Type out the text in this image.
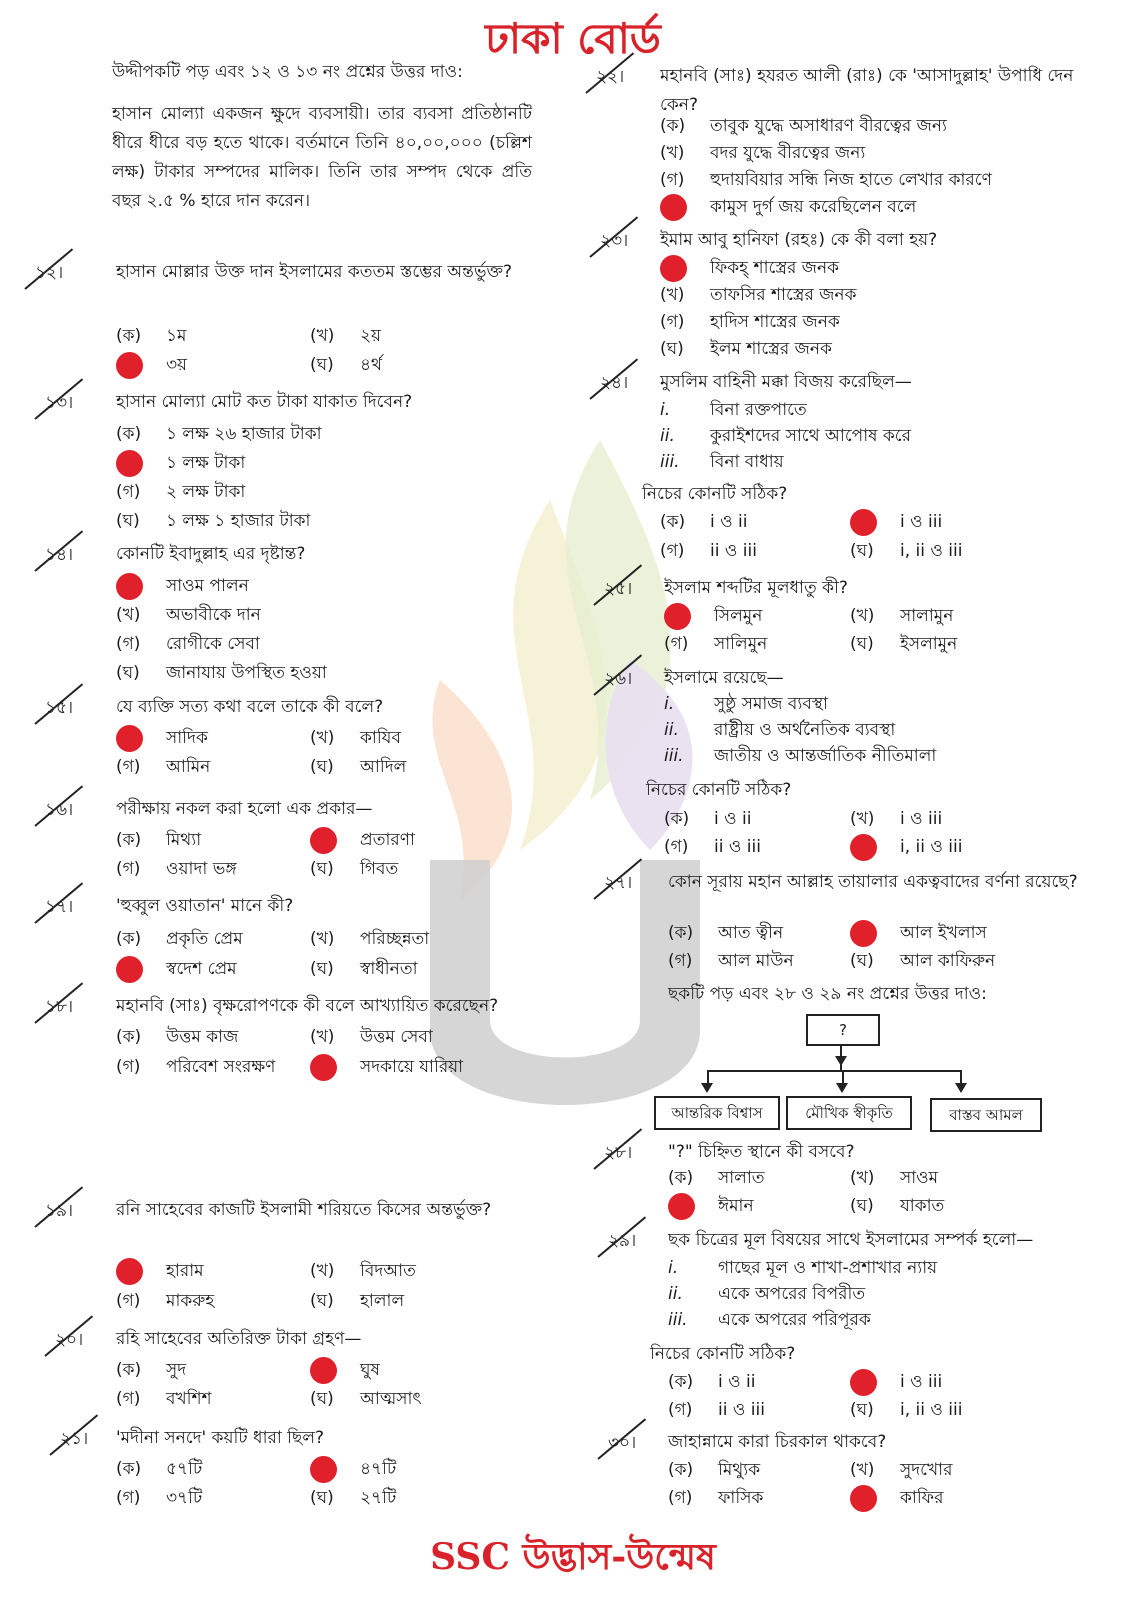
ঢাকা বোর্ড
উদ্দীপকটি পড় এবং ১২ ও ১৩ নং প্রশ্নের উত্তর দাও:
হাসান মোল্যা একজন ক্ষুদে ব্যবসায়ী। তার ব্যবসা প্রতিষ্ঠানটি ধীরে ধীরে বড় হতে থাকে। বর্তমানে তিনি ৪০,০০,০০০ (চল্লিশ লক্ষ) টাকার সম্পদের মালিক। তিনি তার সম্পদ থেকে প্রতি বছর ২.৫ % হারে দান করেন।
১২।	হাসান মোল্লার উক্ত দান ইসলামের কততম স্তম্ভের অন্তর্ভুক্ত?
(ক) ১ম	(খ) ২য়
৩য়	(ঘ) ৪র্থ
১৩।	হাসান মোল্যা মোট কত টাকা যাকাত দিবেন?
(ক) ১ লক্ষ ২৬ হাজার টাকা
১ লক্ষ টাকা
(গ) ২ লক্ষ টাকা
(ঘ) ১ লক্ষ ১ হাজার টাকা
১৪।	কোনটি ইবাদুল্লাহ এর দৃষ্টান্ত?
সাওম পালন
(খ) অভাবীকে দান
(গ) রোগীকে সেবা
(ঘ) জানাযায় উপস্থিত হওয়া
১৫।	যে ব্যক্তি সত্য কথা বলে তাকে কী বলে?
সাদিক	(খ) কাযিব
(গ) আমিন	(ঘ) আদিল
১৬।	পরীক্ষায় নকল করা হলো এক প্রকার—
(ক) মিথ্যা	প্রতারণা
(গ) ওয়াদা ভঙ্গ	(ঘ) গিবত
১৭।	'হুব্বুল ওয়াতান' মানে কী?
(ক) প্রকৃতি প্রেম	(খ) পরিচ্ছন্নতা
স্বদেশ প্রেম	(ঘ) স্বাধীনতা
১৮।	মহানবি (সাঃ) বৃক্ষরোপণকে কী বলে আখ্যায়িত করেছেন?
(ক) উত্তম কাজ	(খ) উত্তম সেবা
(গ) পরিবেশ সংরক্ষণ	সদকায়ে যারিয়া
১৯।	রনি সাহেবের কাজটি ইসলামী শরিয়তে কিসের অন্তর্ভুক্ত?
হারাম	(খ) বিদআত
(গ) মাকরুহ	(ঘ) হালাল
২০। রহি সাহেবের অতিরিক্ত টাকা গ্রহণ—
(ক) সুদ	ঘুষ
(গ) বখশিশ	(ঘ) আত্মসাৎ
২১। 'মদীনা সনদে' কয়টি ধারা ছিল?
(ক) ৫৭টি	৪৭টি
(গ) ৩৭টি	(ঘ) ২৭টি
২২। মহানবি (সাঃ) হযরত আলী (রাঃ) কে 'আসাদুল্লাহ' উপাধি দেন কেন?
(ক) তাবুক যুদ্ধে অসাধারণ বীরত্বের জন্য
(খ) বদর যুদ্ধে বীরত্বের জন্য
(গ) হুদায়বিয়ার সন্ধি নিজ হাতে লেখার কারণে
কামুস দুর্গ জয় করেছিলেন বলে
২৩। ইমাম আবু হানিফা (রহঃ) কে কী বলা হয়?
ফিকহ্ শাস্ত্রের জনক
(খ) তাফসির শাস্ত্রের জনক
(গ) হাদিস শাস্ত্রের জনক
(ঘ) ইলম শাস্ত্রের জনক
২৪। মুসলিম বাহিনী মক্কা বিজয় করেছিল—
i. বিনা রক্তপাতে
ii. কুরাইশদের সাথে আপোষ করে
iii. বিনা বাধায়
নিচের কোনটি সঠিক?
(ক) i ও ii	i ও iii
(গ) ii ও iii	(ঘ) i, ii ও iii
২৫। ইসলাম শব্দটির মূলধাতু কী?
সিলমুন	(খ) সালামুন
(গ) সালিমুন	(ঘ) ইসলামুন
২৬। ইসলামে রয়েছে—
i. সুষ্ঠু সমাজ ব্যবস্থা
ii. রাষ্ট্রীয় ও অর্থনৈতিক ব্যবস্থা
iii. জাতীয় ও আন্তর্জাতিক নীতিমালা
নিচের কোনটি সঠিক?
(ক) i ও ii	(খ) i ও iii
(গ) ii ও iii	i, ii ও iii
২৭। কোন সূরায় মহান আল্লাহ তায়ালার একত্ববাদের বর্ণনা রয়েছে?
(ক) আত ত্বীন	আল ইখলাস
(গ) আল মাউন	(ঘ) আল কাফিরুন
২৮। "?" চিহ্নিত স্থানে কী বসবে?
(ক) সালাত	(খ) সাওম
ঈমান	(ঘ) যাকাত
২৯। ছক চিত্রের মূল বিষয়ের সাথে ইসলামের সম্পর্ক হলো—
i. গাছের মূল ও শাখা-প্রশাখার ন্যায়
ii. একে অপরের বিপরীত
iii. একে অপরের পরিপূরক
নিচের কোনটি সঠিক?
(ক) i ও ii	i ও iii
(গ) ii ও iii	(ঘ) i, ii ও iii
৩০। জাহান্নামে কারা চিরকাল থাকবে?
(ক) মিথ্যুক	(খ) সুদখোর
(গ) ফাসিক	কাফির
ছকটি পড় এবং ২৮ ও ২৯ নং প্রশ্নের উত্তর দাও:
?
আন্তরিক বিশ্বাস	মৌখিক স্বীকৃতি	বাস্তব আমল
SSC উদ্ভাস-উন্মেষ
